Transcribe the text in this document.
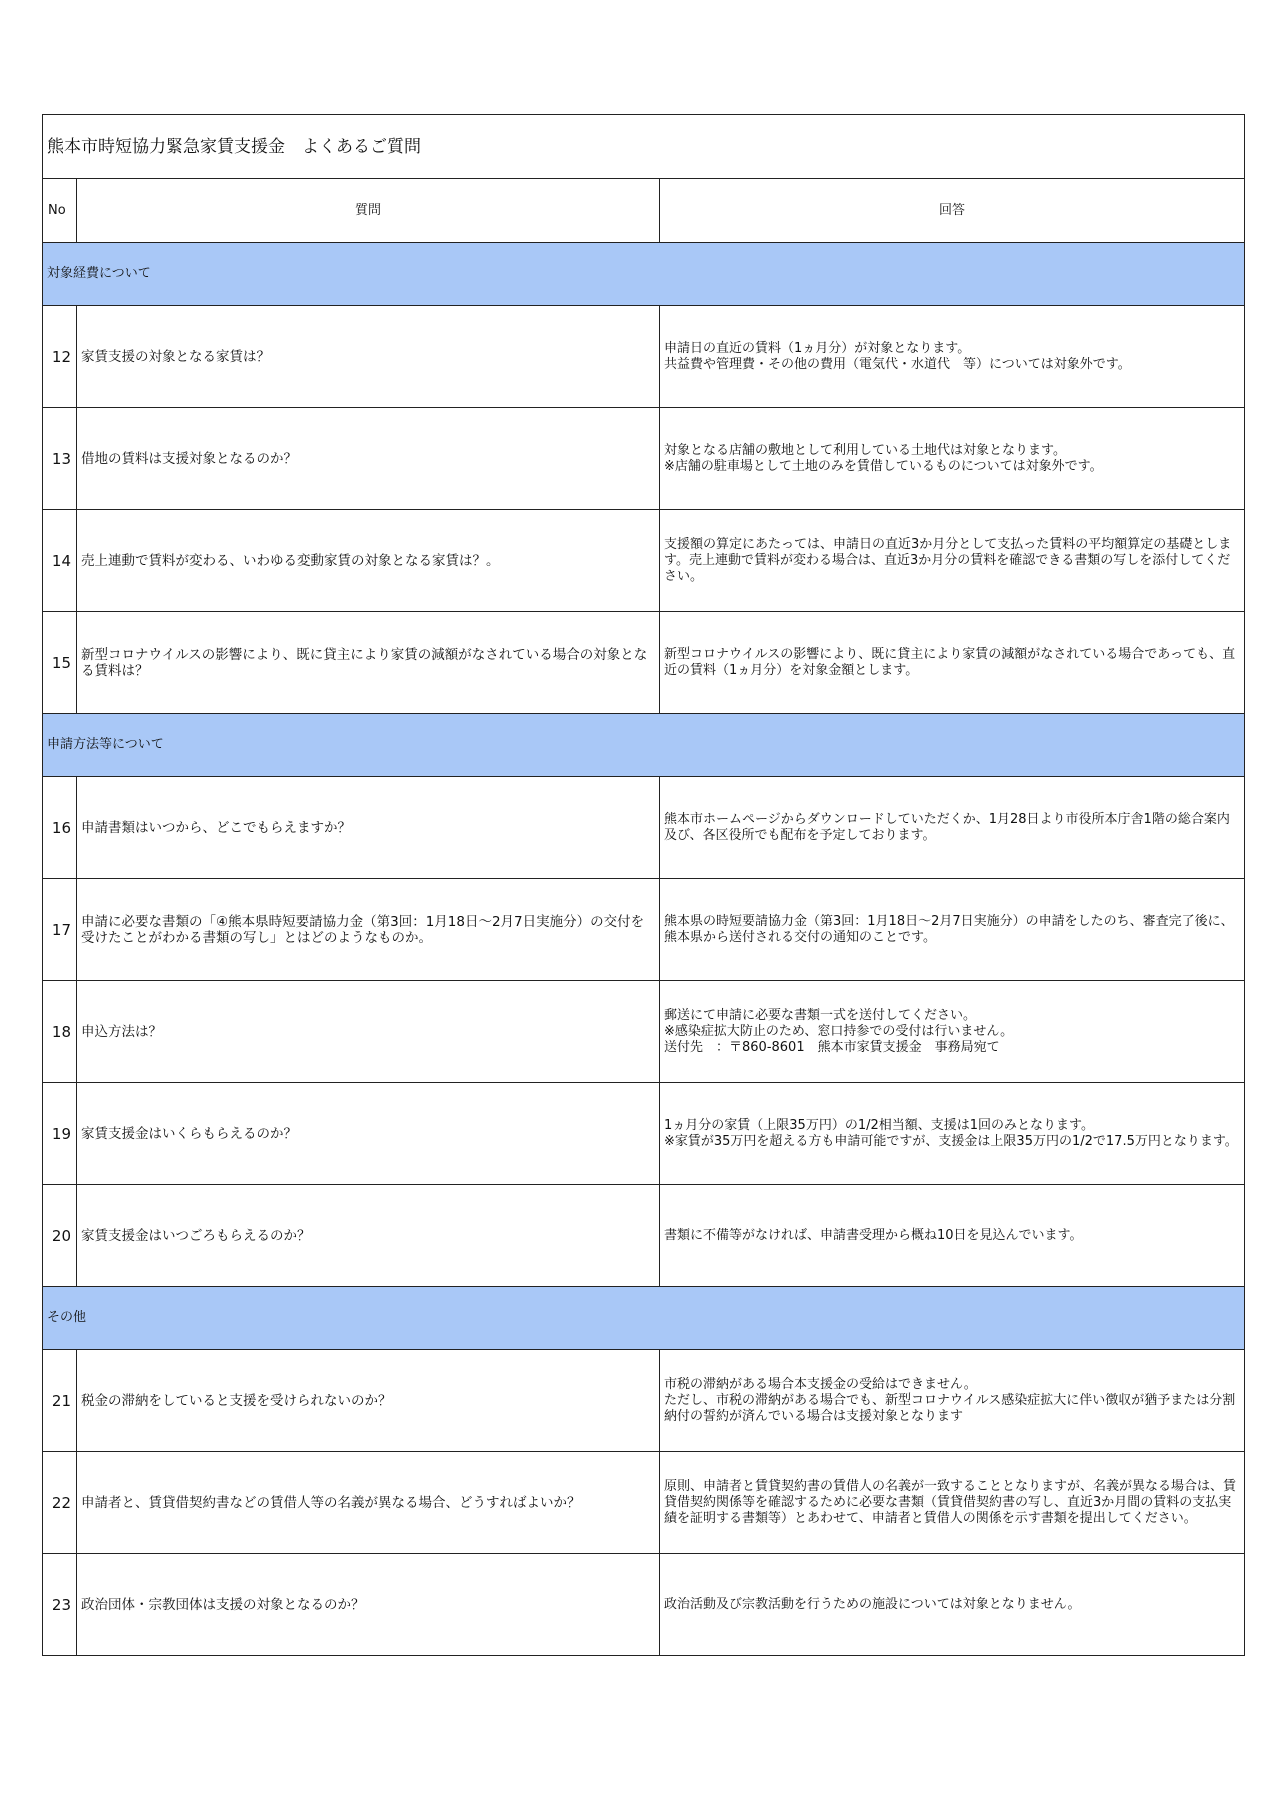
熊本市時短協力緊急家賃支援金　よくあるご質問		
No	質問	回答
対象経費について		
12	家賃支援の対象となる家賃は？	申請日の直近の賃料（1ヵ月分）が対象となります。
共益費や管理費・その他の費用（電気代・水道代　等）については対象外です。
13	借地の賃料は支援対象となるのか？	対象となる店舗の敷地として利用している土地代は対象となります。
※店舗の駐車場として土地のみを賃借しているものについては対象外です。
14	売上連動で賃料が変わる、いわゆる変動家賃の対象となる家賃は？。	支援額の算定にあたっては、申請日の直近3か月分として支払った賃料の平均額算定の基礎とします。売上連動で賃料が変わる場合は、直近3か月分の賃料を確認できる書類の写しを添付してください。
15	新型コロナウイルスの影響により、既に貸主により家賃の減額がなされている場合の対象となる賃料は？	新型コロナウイルスの影響により、既に貸主により家賃の減額がなされている場合であっても、直近の賃料（1ヵ月分）を対象金額とします。
申請方法等について		
16	申請書類はいつから、どこでもらえますか？	熊本市ホームページからダウンロードしていただくか、1月28日より市役所本庁舎1階の総合案内及び、各区役所でも配布を予定しております。
17	申請に必要な書類の「④熊本県時短要請協力金（第3回：1月18日〜2月7日実施分）の交付を受けたことがわかる書類の写し」とはどのようなものか。	熊本県の時短要請協力金（第3回：1月18日〜2月7日実施分）の申請をしたのち、審査完了後に、熊本県から送付される交付の通知のことです。
18	申込方法は？	郵送にて申請に必要な書類一式を送付してください。
※感染症拡大防止のため、窓口持参での受付は行いません。
送付先　：〒860-8601　熊本市家賃支援金　事務局宛て
19	家賃支援金はいくらもらえるのか？	1ヵ月分の家賃（上限35万円）の1/2相当額、支援は1回のみとなります。
※家賃が35万円を超える方も申請可能ですが、支援金は上限35万円の1/2で17.5万円となります。
20	家賃支援金はいつごろもらえるのか？	書類に不備等がなければ、申請書受理から概ね10日を見込んでいます。
その他		
21	税金の滞納をしていると支援を受けられないのか？	市税の滞納がある場合本支援金の受給はできません。
ただし、市税の滞納がある場合でも、新型コロナウイルス感染症拡大に伴い徴収が猶予または分割納付の誓約が済んでいる場合は支援対象となります
22	申請者と、賃貸借契約書などの賃借人等の名義が異なる場合、どうすればよいか？	原則、申請者と賃貸契約書の賃借人の名義が一致することとなりますが、名義が異なる場合は、賃貸借契約関係等を確認するために必要な書類（賃貸借契約書の写し、直近3か月間の賃料の支払実績を証明する書類等）とあわせて、申請者と賃借人の関係を示す書類を提出してください。
23	政治団体・宗教団体は支援の対象となるのか？	政治活動及び宗教活動を行うための施設については対象となりません。
